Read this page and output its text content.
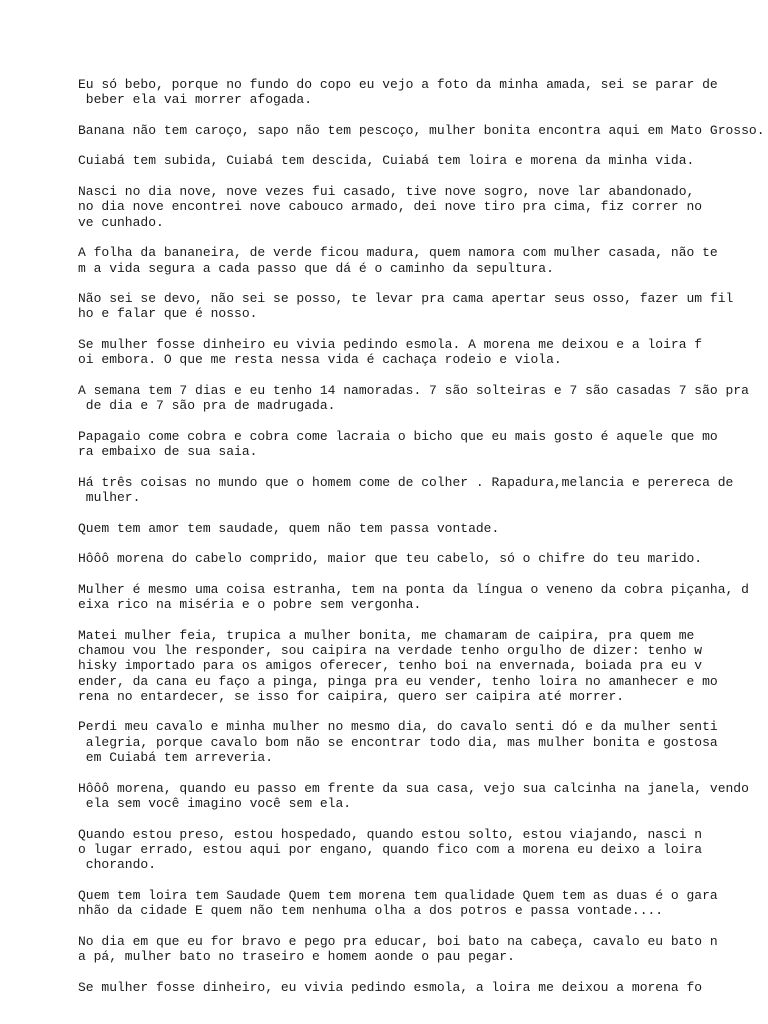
Eu só bebo, porque no fundo do copo eu vejo a foto da minha amada, sei se parar de
beber ela vai morrer afogada.
Banana não tem caroço, sapo não tem pescoço, mulher bonita encontra aqui em Mato Grosso.
Cuiabá tem subida, Cuiabá tem descida, Cuiabá tem loira e morena da minha vida.
Nasci no dia nove, nove vezes fui casado, tive nove sogro, nove lar abandonado,
no dia nove encontrei nove cabouco armado, dei nove tiro pra cima, fiz correr no
ve cunhado.
A folha da bananeira, de verde ficou madura, quem namora com mulher casada, não te
m a vida segura a cada passo que dá é o caminho da sepultura.
Não sei se devo, não sei se posso, te levar pra cama apertar seus osso, fazer um fil
ho e falar que é nosso.
Se mulher fosse dinheiro eu vivia pedindo esmola. A morena me deixou e a loira f
oi embora. O que me resta nessa vida é cachaça rodeio e viola.
A semana tem 7 dias e eu tenho 14 namoradas. 7 são solteiras e 7 são casadas 7 são pra
de dia e 7 são pra de madrugada.
Papagaio come cobra e cobra come lacraia o bicho que eu mais gosto é aquele que mo
ra embaixo de sua saia.
Há três coisas no mundo que o homem come de colher . Rapadura,melancia e perereca de
mulher.
Quem tem amor tem saudade, quem não tem passa vontade.
Hôôô morena do cabelo comprido, maior que teu cabelo, só o chifre do teu marido.
Mulher é mesmo uma coisa estranha, tem na ponta da língua o veneno da cobra piçanha, d
eixa rico na miséria e o pobre sem vergonha.
Matei mulher feia, trupica a mulher bonita, me chamaram de caipira, pra quem me
chamou vou lhe responder, sou caipira na verdade tenho orgulho de dizer: tenho w
hisky importado para os amigos oferecer, tenho boi na envernada, boiada pra eu v
ender, da cana eu faço a pinga, pinga pra eu vender, tenho loira no amanhecer e mo
rena no entardecer, se isso for caipira, quero ser caipira até morrer.
Perdi meu cavalo e minha mulher no mesmo dia, do cavalo senti dó e da mulher senti
alegria, porque cavalo bom não se encontrar todo dia, mas mulher bonita e gostosa
em Cuiabá tem arreveria.
Hôôô morena, quando eu passo em frente da sua casa, vejo sua calcinha na janela, vendo
ela sem você imagino você sem ela.
Quando estou preso, estou hospedado, quando estou solto, estou viajando, nasci n
o lugar errado, estou aqui por engano, quando fico com a morena eu deixo a loira
chorando.
Quem tem loira tem Saudade Quem tem morena tem qualidade Quem tem as duas é o gara
nhão da cidade E quem não tem nenhuma olha a dos potros e passa vontade....
No dia em que eu for bravo e pego pra educar, boi bato na cabeça, cavalo eu bato n
a pá, mulher bato no traseiro e homem aonde o pau pegar.
Se mulher fosse dinheiro, eu vivia pedindo esmola, a loira me deixou a morena fo
